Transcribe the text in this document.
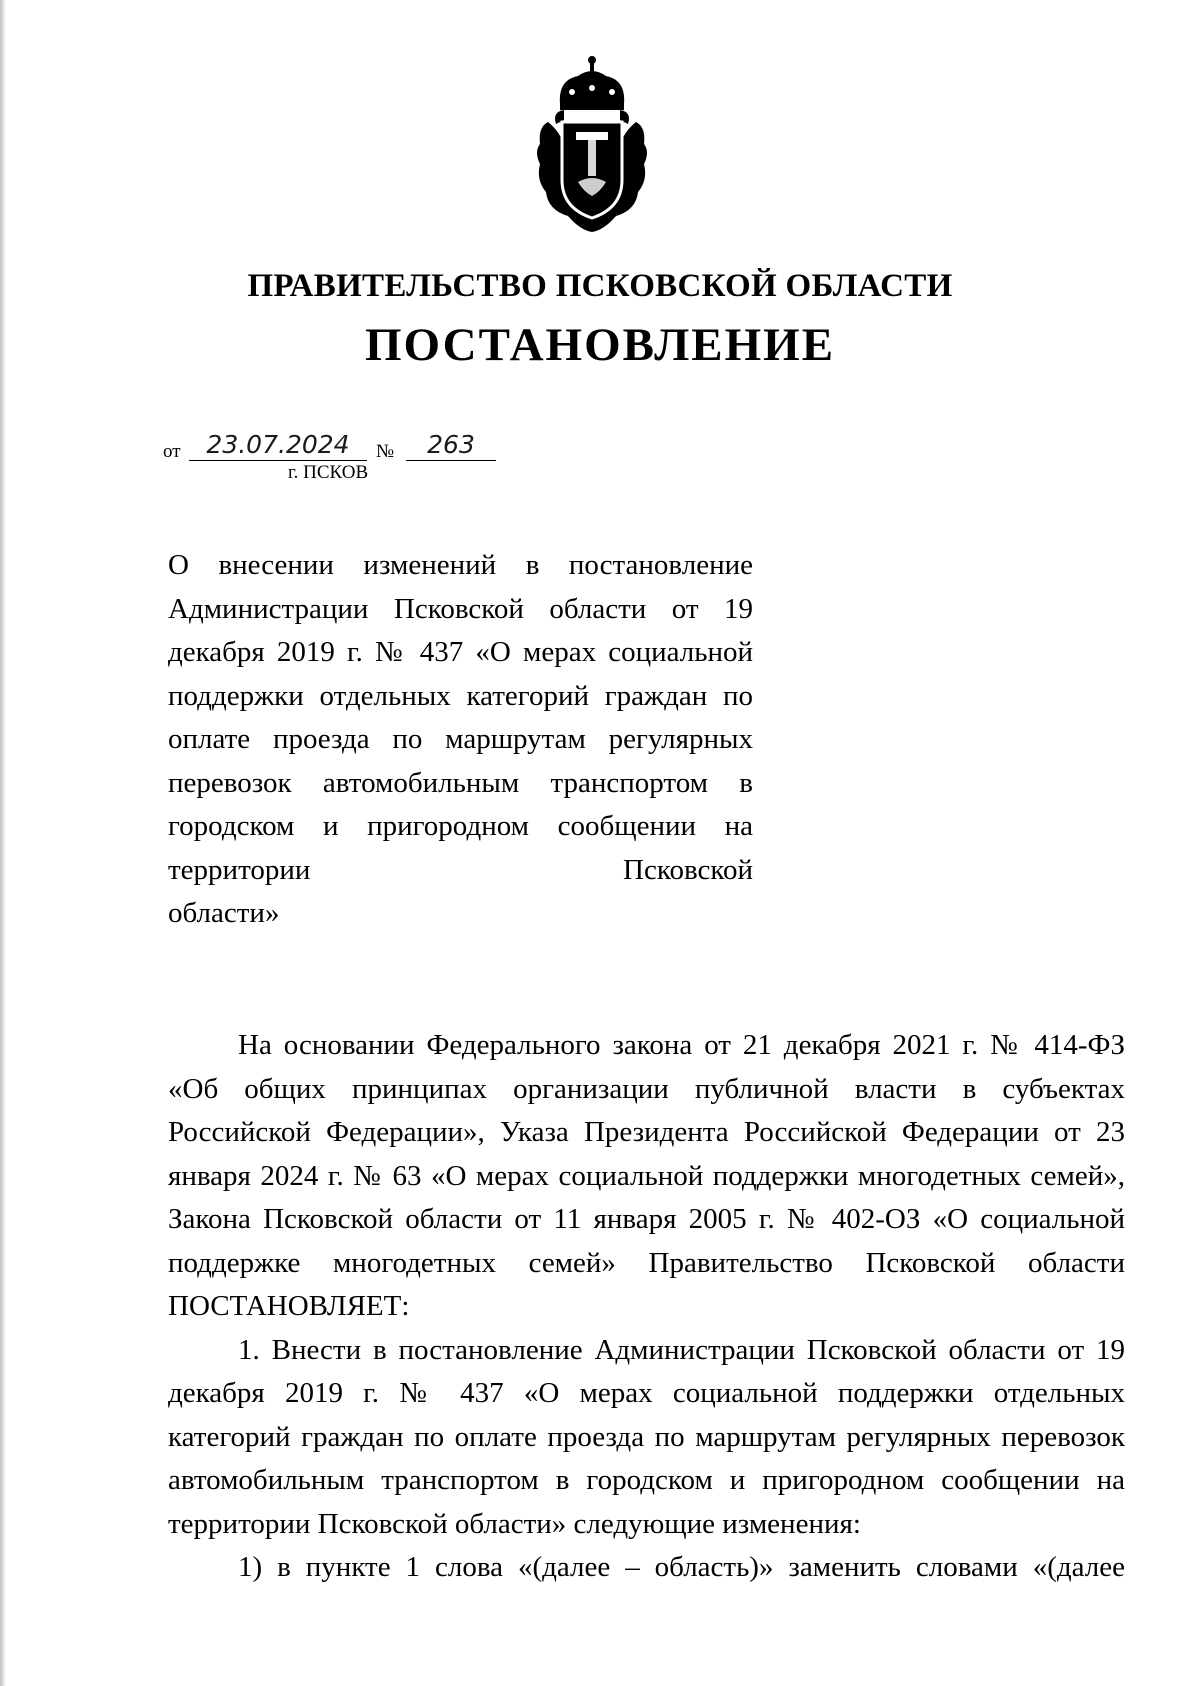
ПРАВИТЕЛЬСТВО ПСКОВСКОЙ ОБЛАСТИ
ПОСТАНОВЛЕНИЕ
от	23.07.2024	№	263
г. ПСКОВ
О внесении изменений в постановление Администрации Псковской области от 19 декабря 2019 г. № 437 «О мерах социальной поддержки отдельных категорий граждан по оплате проезда по маршрутам регулярных перевозок автомобильным транспортом в городском и пригородном сообщении на территории Псковской
области»

На основании Федерального закона от 21 декабря 2021 г. № 414-ФЗ «Об общих принципах организации публичной власти в субъектах Российской Федерации», Указа Президента Российской Федерации от 23 января 2024 г. № 63 «О мерах социальной поддержки многодетных семей», Закона Псковской области от 11 января 2005 г. № 402-ОЗ «О социальной поддержке многодетных семей» Правительство Псковской области ПОСТАНОВЛЯЕТ:

1. Внести в постановление Администрации Псковской области от 19 декабря 2019 г. № 437 «О мерах социальной поддержки отдельных категорий граждан по оплате проезда по маршрутам регулярных перевозок автомобильным транспортом в городском и пригородном сообщении на территории Псковской области» следующие изменения:

1) в пункте 1 слова «(далее – область)» заменить словами «(далее
